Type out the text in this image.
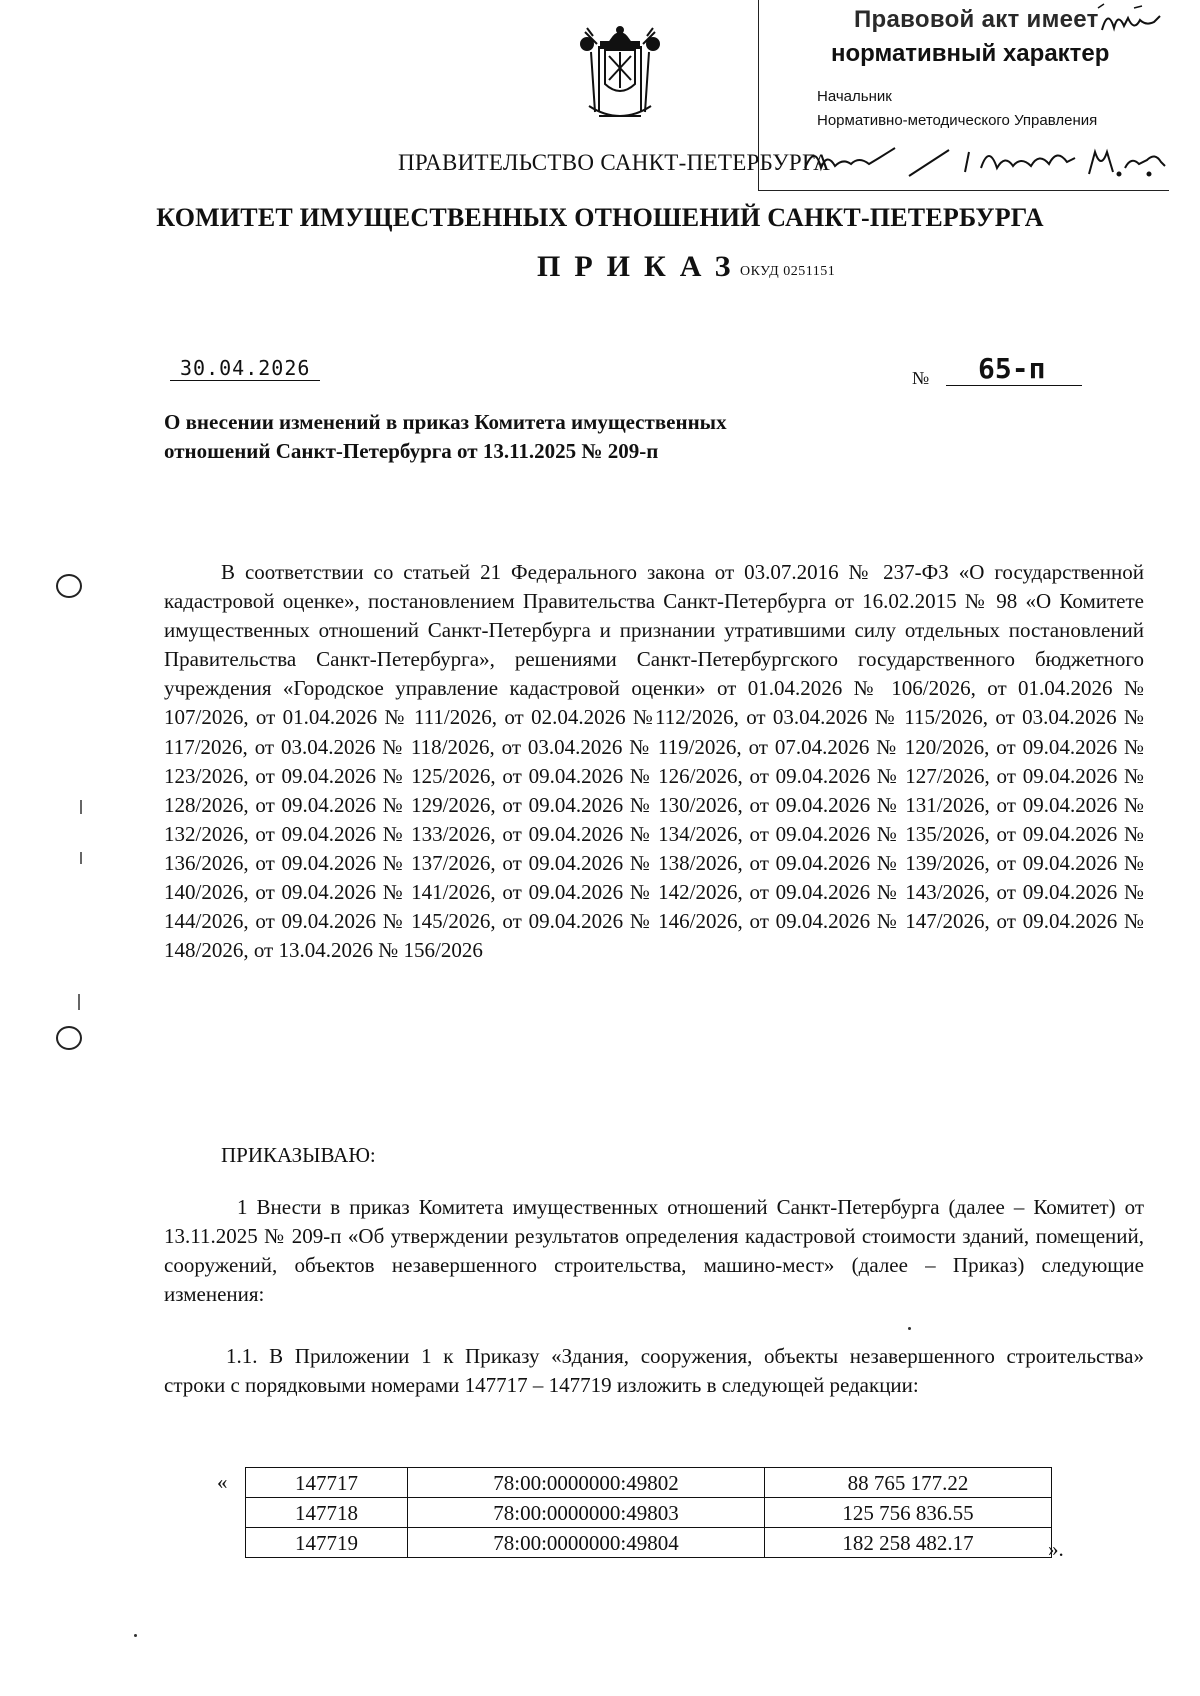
Правовой акт имеет
нормативный характер
Начальник
Нормативно-методического Управления
ПРАВИТЕЛЬСТВО САНКТ-ПЕТЕРБУРГА
КОМИТЕТ ИМУЩЕСТВЕННЫХ ОТНОШЕНИЙ САНКТ-ПЕТЕРБУРГА
ПРИКАЗ
ОКУД 0251151
30.04.2026	№	65-п
О внесении изменений в приказ Комитета имущественных отношений Санкт-Петербурга от 13.11.2025 № 209-п
В соответствии со статьей 21 Федерального закона от 03.07.2016 № 237-ФЗ «О государственной кадастровой оценке», постановлением Правительства Санкт-Петербурга от 16.02.2015 № 98 «О Комитете имущественных отношений Санкт-Петербурга и признании утратившими силу отдельных постановлений Правительства Санкт-Петербурга», решениями Санкт-Петербургского государственного бюджетного учреждения «Городское управление кадастровой оценки» от 01.04.2026 № 106/2026, от 01.04.2026 № 107/2026, от 01.04.2026 № 111/2026, от 02.04.2026 №112/2026, от 03.04.2026 № 115/2026, от 03.04.2026 № 117/2026, от 03.04.2026 № 118/2026, от 03.04.2026 № 119/2026, от 07.04.2026 № 120/2026, от 09.04.2026 № 123/2026, от 09.04.2026 № 125/2026, от 09.04.2026 № 126/2026, от 09.04.2026 № 127/2026, от 09.04.2026 № 128/2026, от 09.04.2026 № 129/2026, от 09.04.2026 № 130/2026, от 09.04.2026 № 131/2026, от 09.04.2026 № 132/2026, от 09.04.2026 № 133/2026, от 09.04.2026 № 134/2026, от 09.04.2026 № 135/2026, от 09.04.2026 № 136/2026, от 09.04.2026 № 137/2026, от 09.04.2026 № 138/2026, от 09.04.2026 № 139/2026, от 09.04.2026 № 140/2026, от 09.04.2026 № 141/2026, от 09.04.2026 № 142/2026, от 09.04.2026 № 143/2026, от 09.04.2026 № 144/2026, от 09.04.2026 № 145/2026, от 09.04.2026 № 146/2026, от 09.04.2026 № 147/2026, от 09.04.2026 № 148/2026, от 13.04.2026 № 156/2026
ПРИКАЗЫВАЮ:
1 Внести в приказ Комитета имущественных отношений Санкт-Петербурга (далее – Комитет) от 13.11.2025 № 209-п «Об утверждении результатов определения кадастровой стоимости зданий, помещений, сооружений, объектов незавершенного строительства, машино-мест» (далее – Приказ) следующие изменения:
1.1. В Приложении 1 к Приказу «Здания, сооружения, объекты незавершенного строительства» строки с порядковыми номерами 147717 – 147719 изложить в следующей редакции:
«	147717	78:00:0000000:49802	88 765 177.22
147718	78:00:0000000:49803	125 756 836.55
147719	78:00:0000000:49804	182 258 482.17	».
